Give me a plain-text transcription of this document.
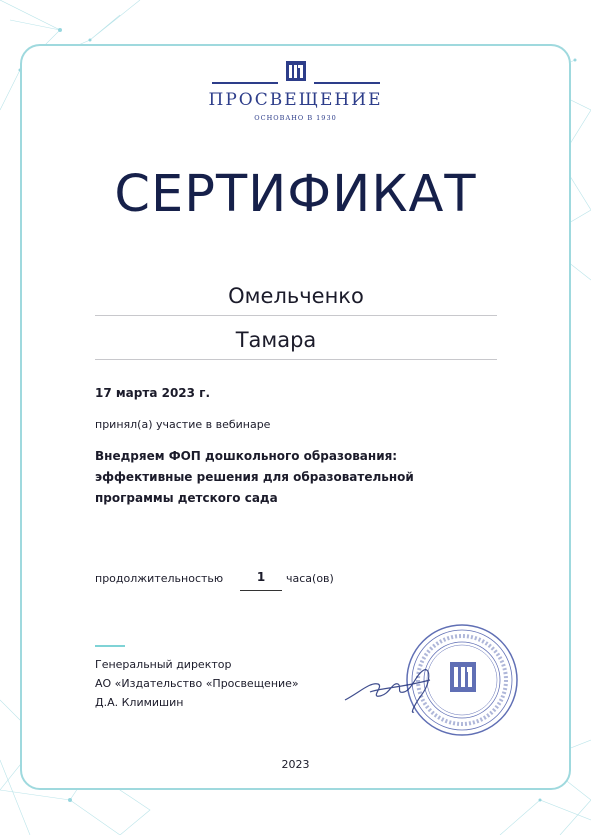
ПРОСВЕЩЕНИЕ
ОСНОВАНО В 1930
СЕРТИФИКАТ
Омельченко
Тамара
17 марта 2023 г.
принял(а) участие в вебинаре
Внедряем ФОП дошкольного образования: эффективные решения для образовательной программы детского сада
продолжительностью	1	часа(ов)
Генеральный директор
АО «Издательство «Просвещение»
Д.А. Климишин
2023
